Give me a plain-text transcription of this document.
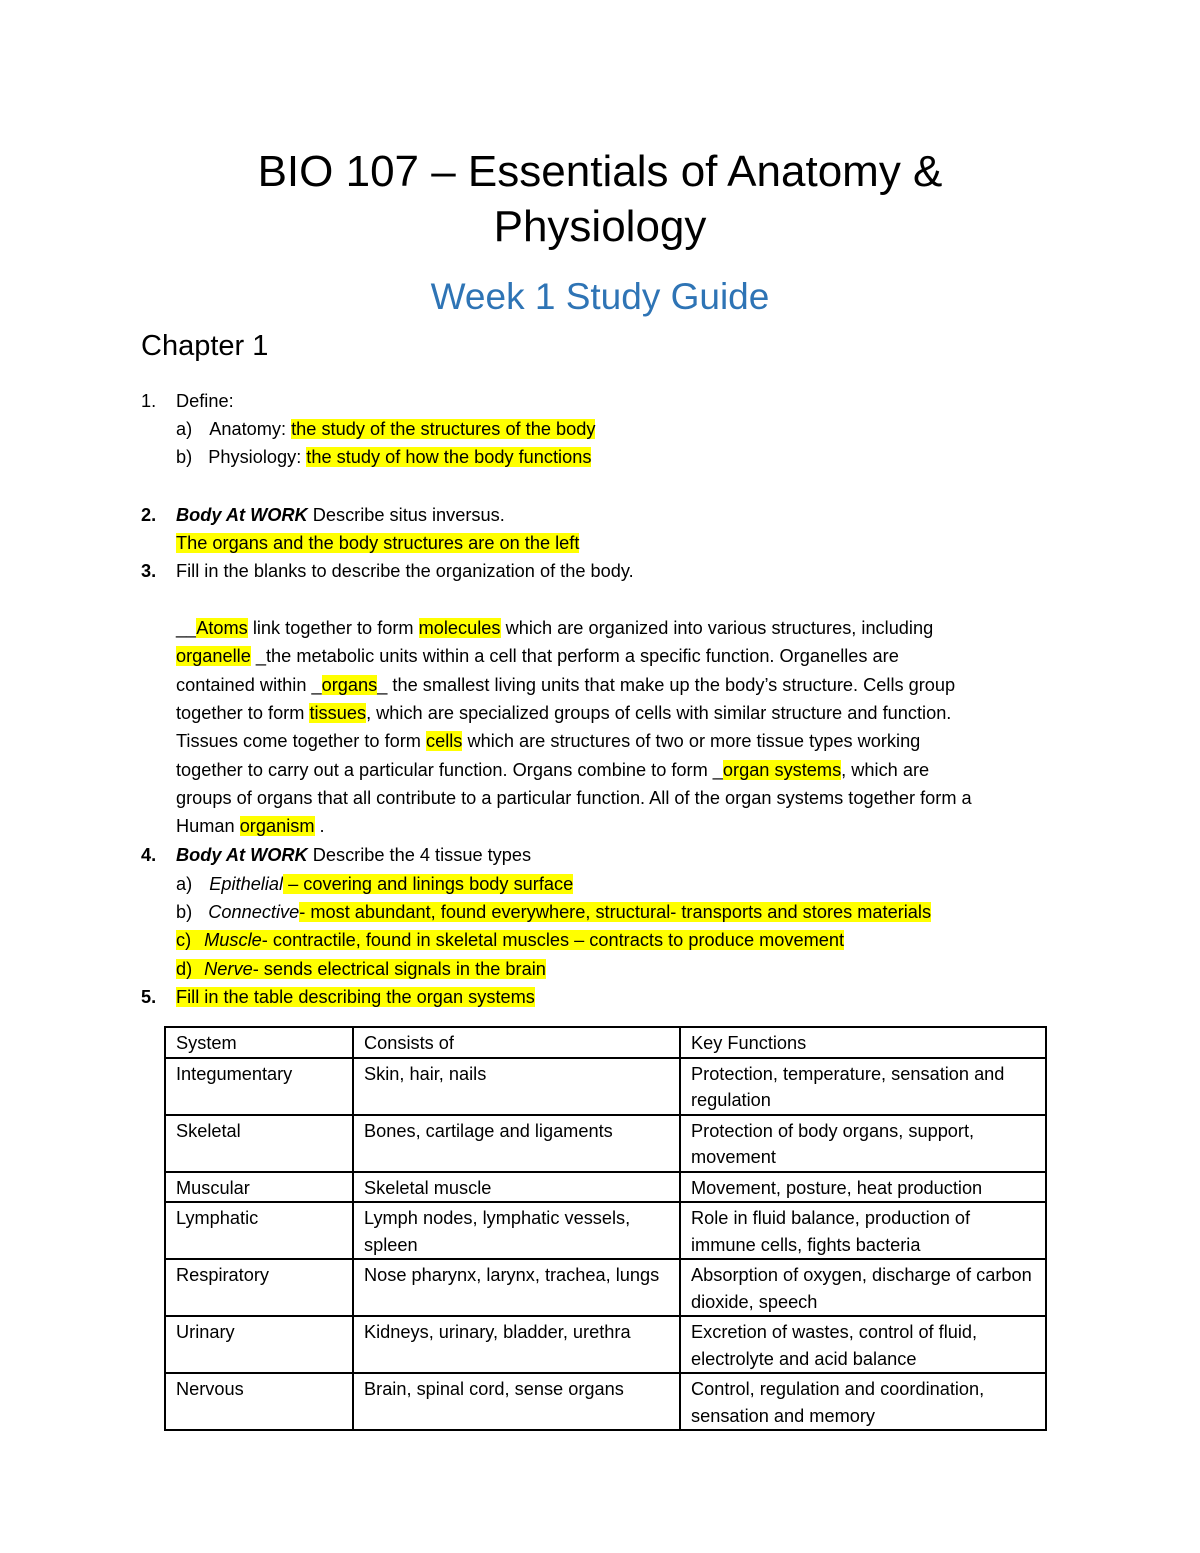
BIO 107 – Essentials of Anatomy &
Physiology
Week 1 Study Guide
Chapter 1
1. Define:
a) Anatomy: the study of the structures of the body
b) Physiology: the study of how the body functions
2. Body At WORK Describe situs inversus.
The organs and the body structures are on the left
3. Fill in the blanks to describe the organization of the body.
__Atoms link together to form molecules which are organized into various structures, including
organelle _the metabolic units within a cell that perform a specific function. Organelles are
contained within _organs_ the smallest living units that make up the body’s structure. Cells group
together to form tissues, which are specialized groups of cells with similar structure and function.
Tissues come together to form cells which are structures of two or more tissue types working
together to carry out a particular function. Organs combine to form _organ systems, which are
groups of organs that all contribute to a particular function. All of the organ systems together form a
Human organism .
4. Body At WORK Describe the 4 tissue types
a) Epithelial – covering and linings body surface
b) Connective- most abundant, found everywhere, structural- transports and stores materials
c) Muscle- contractile, found in skeletal muscles – contracts to produce movement
d) Nerve- sends electrical signals in the brain
5. Fill in the table describing the organ systems
System	Consists of	Key Functions
Integumentary	Skin, hair, nails	Protection, temperature, sensation and regulation
Skeletal	Bones, cartilage and ligaments	Protection of body organs, support, movement
Muscular	Skeletal muscle	Movement, posture, heat production
Lymphatic	Lymph nodes, lymphatic vessels, spleen	Role in fluid balance, production of immune cells, fights bacteria
Respiratory	Nose pharynx, larynx, trachea, lungs	Absorption of oxygen, discharge of carbon dioxide, speech
Urinary	Kidneys, urinary, bladder, urethra	Excretion of wastes, control of fluid, electrolyte and acid balance
Nervous	Brain, spinal cord, sense organs	Control, regulation and coordination, sensation and memory
